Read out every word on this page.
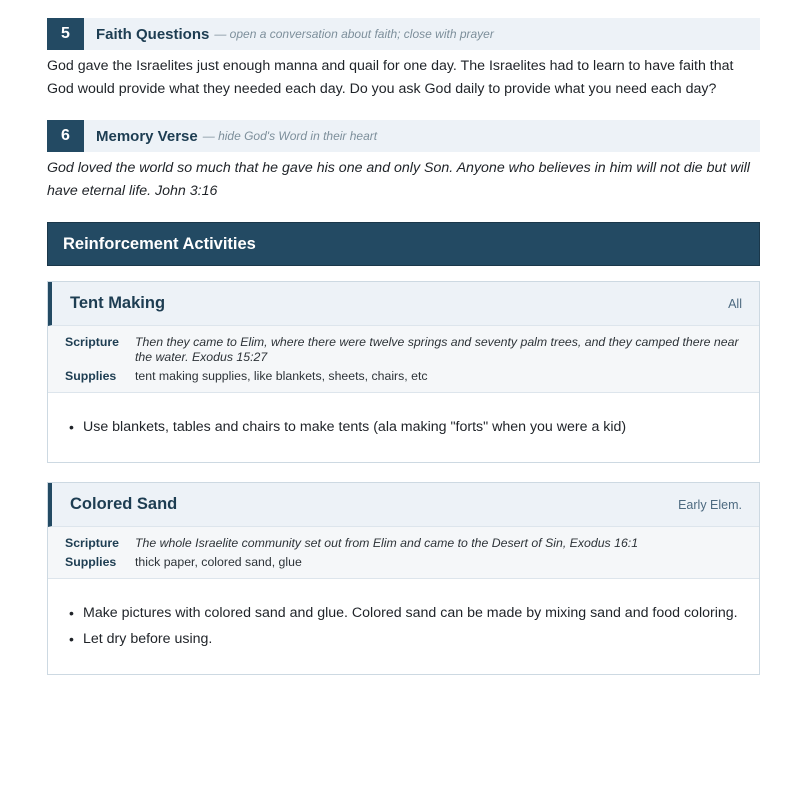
5	Faith Questions — open a conversation about faith; close with prayer

God gave the Israelites just enough manna and quail for one day. The Israelites had to learn to have faith that God would provide what they needed each day. Do you ask God daily to provide what you need each day?

6	Memory Verse — hide God's Word in their heart

God loved the world so much that he gave his one and only Son. Anyone who believes in him will not die but will have eternal life. John 3:16

Reinforcement Activities
Tent Making	All
Scripture	Then they came to Elim, where there were twelve springs and seventy palm trees, and they camped there near the water. Exodus 15:27
Supplies	tent making supplies, like blankets, sheets, chairs, etc
• Use blankets, tables and chairs to make tents (ala making "forts" when you were a kid)
Colored Sand	Early Elem.
Scripture	The whole Israelite community set out from Elim and came to the Desert of Sin, Exodus 16:1
Supplies	thick paper, colored sand, glue
• Make pictures with colored sand and glue. Colored sand can be made by mixing sand and food coloring.
• Let dry before using.
